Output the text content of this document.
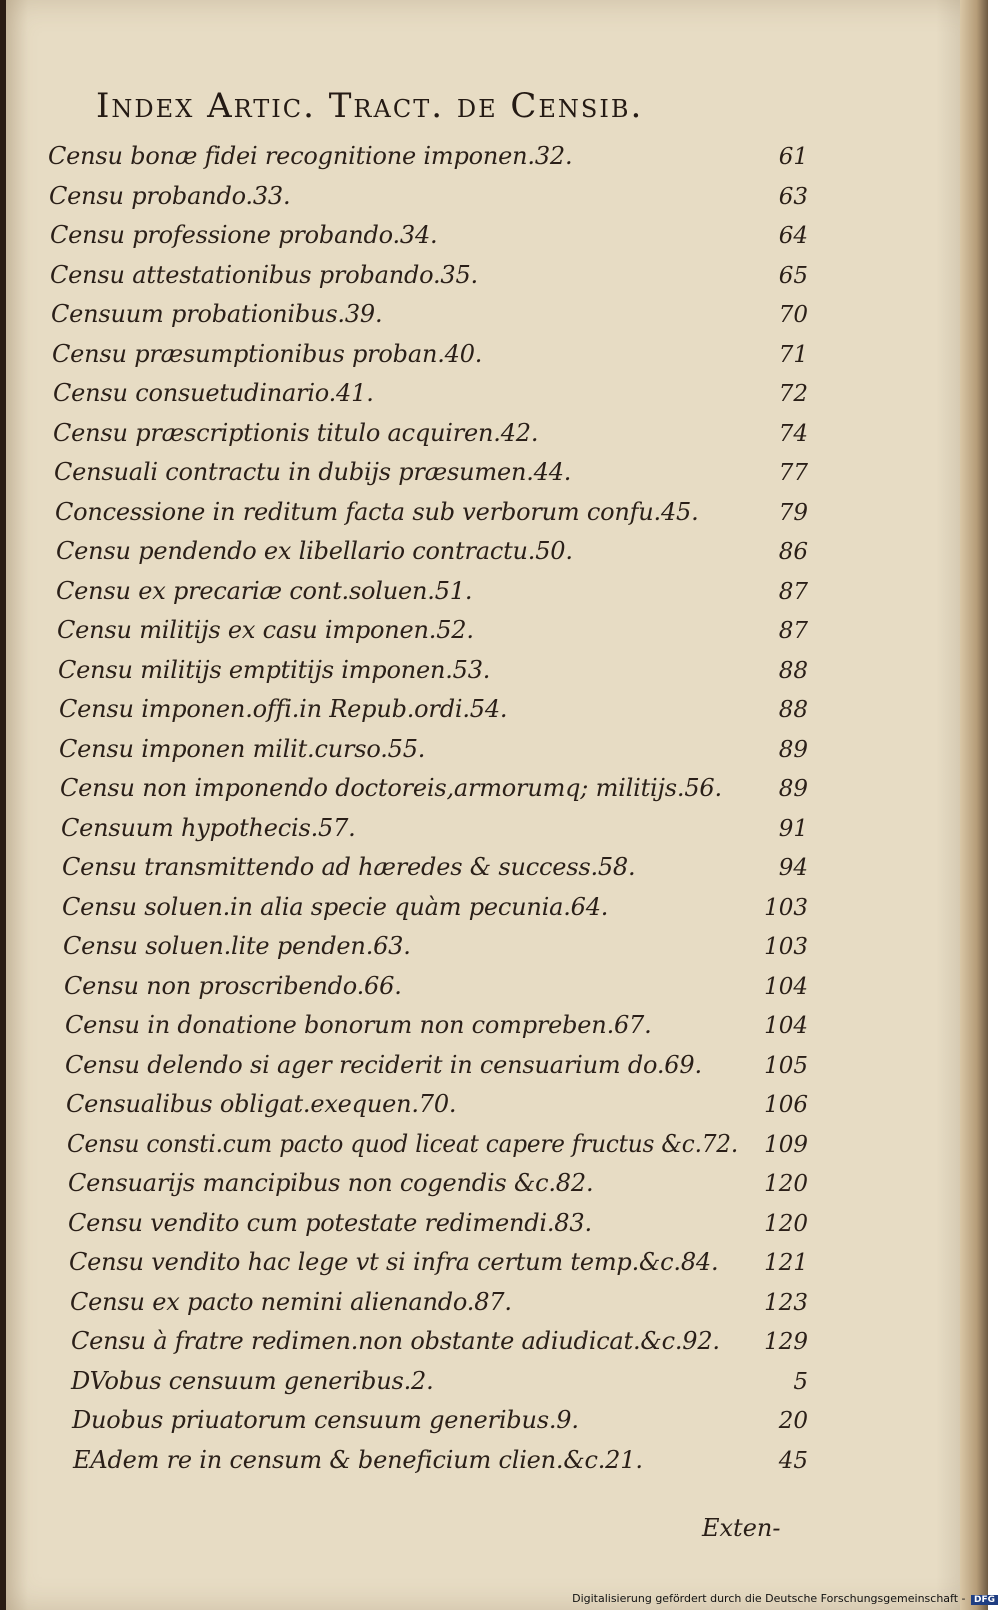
Index Artic. Tract. de Censib.
Censu bonæ fidei recognitione imponen.32.	61
Censu probando.33.	63
Censu professione probando.34.	64
Censu attestationibus probando.35.	65
Censuum probationibus.39.	70
Censu præsumptionibus proban.40.	71
Censu consuetudinario.41.	72
Censu præscriptionis titulo acquiren.42.	74
Censuali contractu in dubijs præsumen.44.	77
Concessione in reditum facta sub verborum confu.45.	79
Censu pendendo ex libellario contractu.50.	86
Censu ex precariæ cont.soluen.51.	87
Censu militijs ex casu imponen.52.	87
Censu militijs emptitijs imponen.53.	88
Censu imponen.offi.in Repub.ordi.54.	88
Censu imponen milit.curso.55.	89
Censu non imponendo doctoreis,armorumq; militijs.56. 89
Censuum hypothecis.57.	91
Censu transmittendo ad hæredes & success.58.	94
Censu soluen.in alia specie quàm pecunia.64.	103
Censu soluen.lite penden.63.	103
Censu non proscribendo.66.	104
Censu in donatione bonorum non compreben.67.	104
Censu delendo si ager reciderit in censuarium do.69.	105
Censualibus obligat.exequen.70.	106
Censu consti.cum pacto quod liceat capere fructus &c.72. 109
Censuarijs mancipibus non cogendis &c.82.	120
Censu vendito cum potestate redimendi.83.	120
Censu vendito hac lege vt si infra certum temp.&c.84. 121
Censu ex pacto nemini alienando.87.	123
Censu à fratre redimen.non obstante adiudicat.&c.92. 129
DVobus censuum generibus.2.	5
Duobus priuatorum censuum generibus.9.	20
EAdem re in censum & beneficium clien.&c.21.	45
Exten-
Digitalisierung gefördert durch die Deutsche Forschungsgemeinschaft - DFG
